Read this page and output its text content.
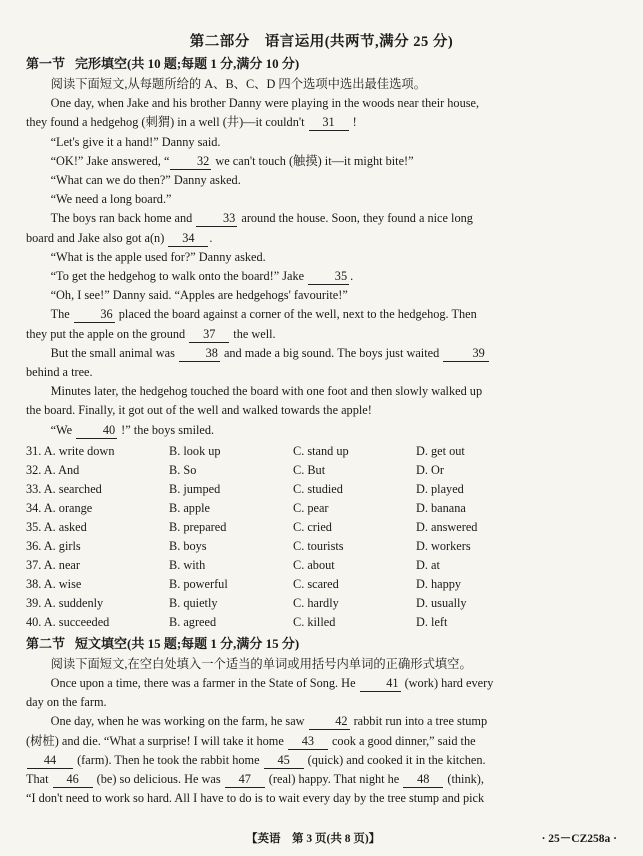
第二部分　语言运用(共两节,满分 25 分)
第一节 完形填空(共 10 题;每题 1 分,满分 10 分)

阅读下面短文,从每题所给的 A、B、C、D 四个选项中选出最佳选项。

One day, when Jake and his brother Danny were playing in the woods near their house,

they found a hedgehog (刺猬) in a well (井)—it couldn't 31 !

“Let's give it a hand!” Danny said.

“OK!” Jake answered, “ 32 we can't touch (触摸) it—it might bite!”

“What can we do then?” Danny asked.

“We need a long board.”

The boys ran back home and 33 around the house. Soon, they found a nice long

board and Jake also got a(n) 34 .

“What is the apple used for?” Danny asked.

“To get the hedgehog to walk onto the board!” Jake 35 .

“Oh, I see!” Danny said. “Apples are hedgehogs' favourite!”

The 36 placed the board against a corner of the well, next to the hedgehog. Then

they put the apple on the ground 37 the well.

But the small animal was 38 and made a big sound. The boys just waited 39

behind a tree.

Minutes later, the hedgehog touched the board with one foot and then slowly walked up

the board. Finally, it got out of the well and walked towards the apple!

“We 40 !” the boys smiled.

31. A. write down	B. look up	C. stand up	D. get out
32. A. And	B. So	C. But	D. Or
33. A. searched	B. jumped	C. studied	D. played
34. A. orange	B. apple	C. pear	D. banana
35. A. asked	B. prepared	C. cried	D. answered
36. A. girls	B. boys	C. tourists	D. workers
37. A. near	B. with	C. about	D. at
38. A. wise	B. powerful	C. scared	D. happy
39. A. suddenly	B. quietly	C. hardly	D. usually
40. A. succeeded	B. agreed	C. killed	D. left
第二节 短文填空(共 15 题;每题 1 分,满分 15 分)

阅读下面短文,在空白处填入一个适当的单词或用括号内单词的正确形式填空。

Once upon a time, there was a farmer in the State of Song. He 41 (work) hard every

day on the farm.

One day, when he was working on the farm, he saw 42 rabbit run into a tree stump

(树桩) and die. “What a surprise! I will take it home 43 cook a good dinner,” said the

44 (farm). Then he took the rabbit home 45 (quick) and cooked it in the kitchen.

That 46 (be) so delicious. He was 47 (real) happy. That night he 48 (think),

“I don't need to work so hard. All I have to do is to wait every day by the tree stump and pick

【英语　第 3 页(共 8 页)】	· 25－CZ258a ·
